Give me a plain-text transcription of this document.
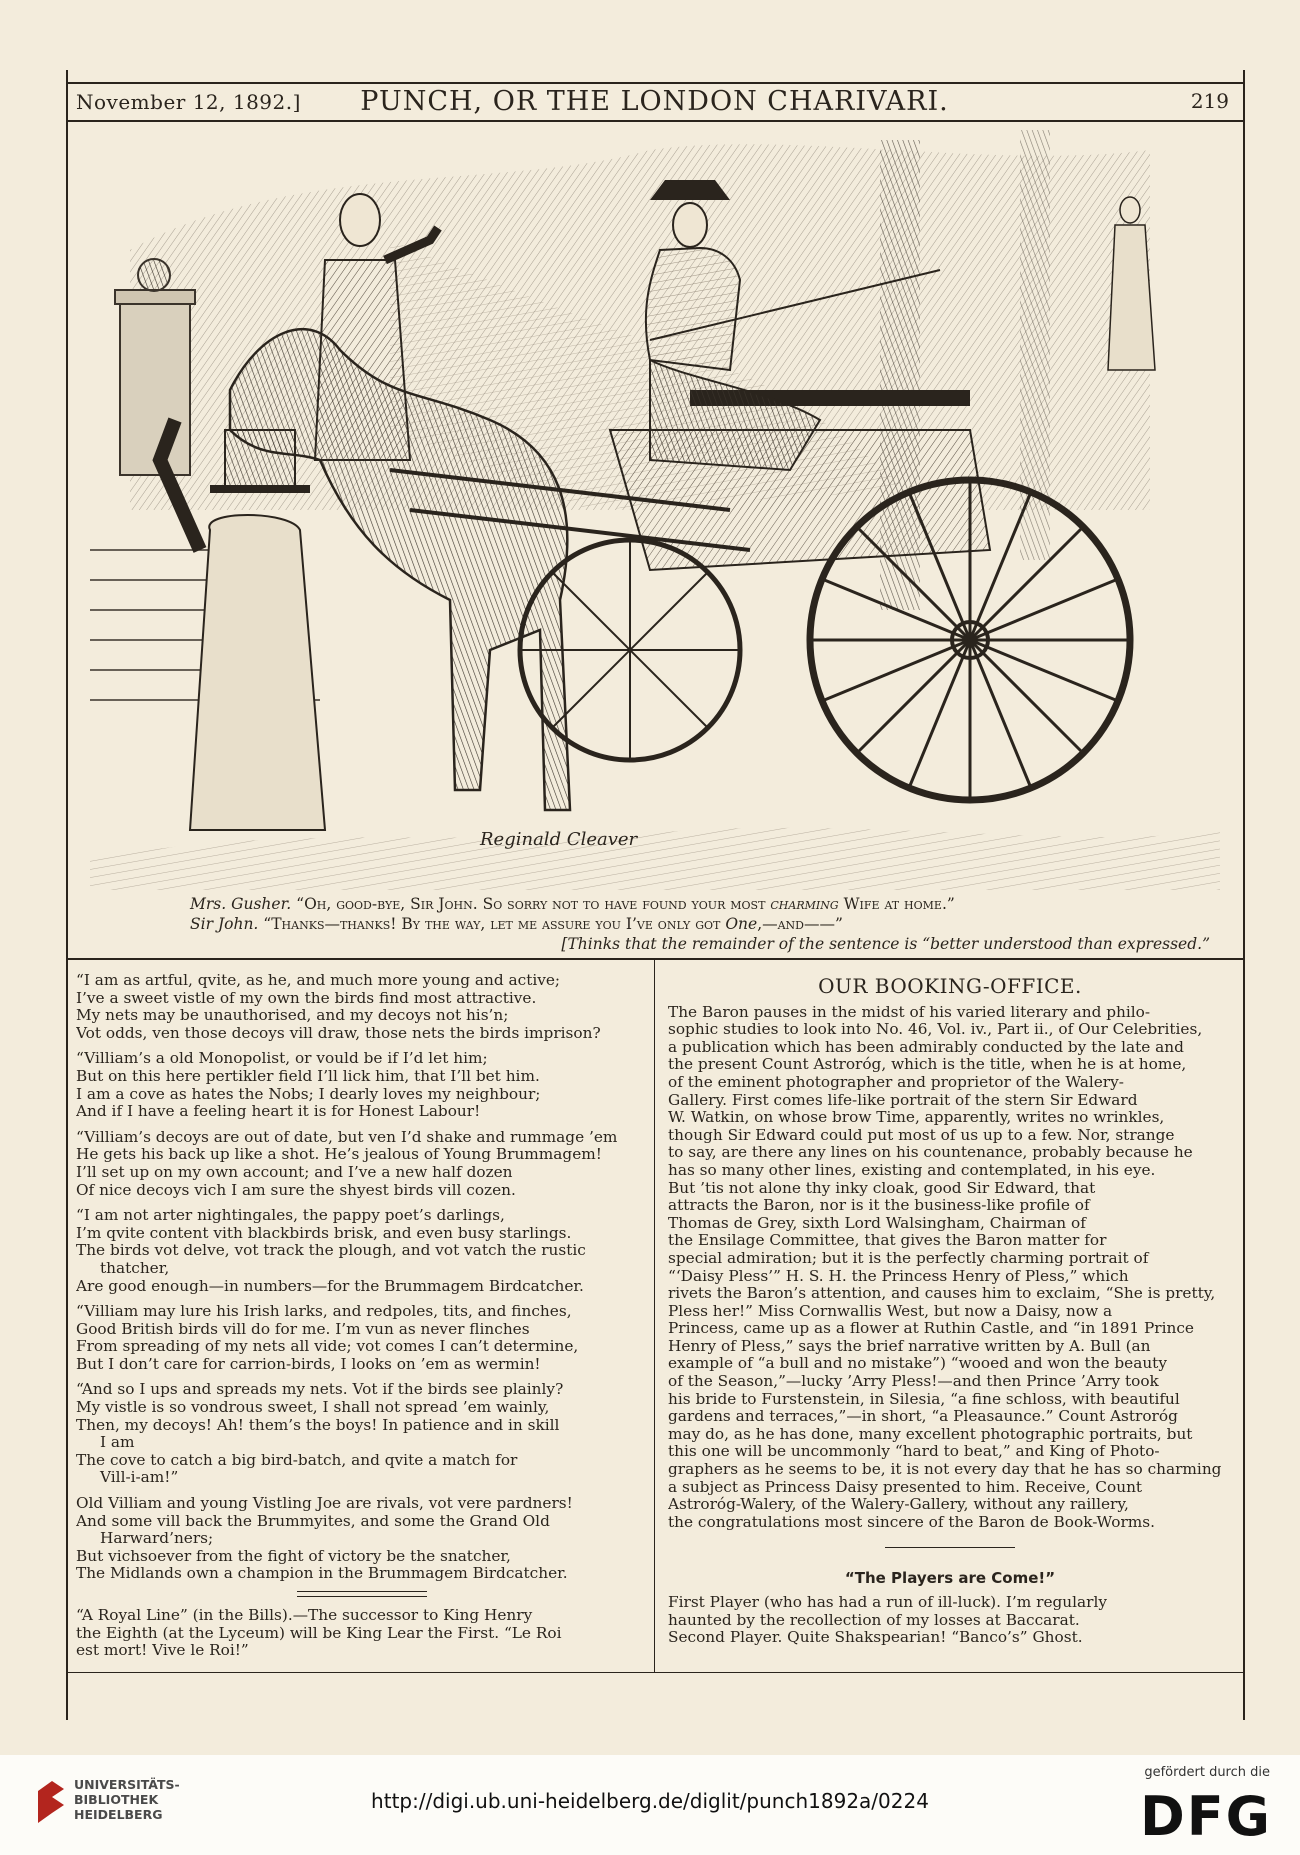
November 12, 1892.]	PUNCH, OR THE LONDON CHARIVARI.	219
Reginald Cleaver
Mrs. Gusher. “Oh, good-bye, Sir John. So sorry not to have found your most charming Wife at home.”
Sir John. “Thanks—thanks! By the way, let me assure you I’ve only got One,—and——”
[Thinks that the remainder of the sentence is “better understood than expressed.”
“I am as artful, qvite, as he, and much more young and active;
I’ve a sweet vistle of my own the birds find most attractive.
My nets may be unauthorised, and my decoys not his’n;
Vot odds, ven those decoys vill draw, those nets the birds imprison?
“Villiam’s a old Monopolist, or vould be if I’d let him;
But on this here pertikler field I’ll lick him, that I’ll bet him.
I am a cove as hates the Nobs; I dearly loves my neighbour;
And if I have a feeling heart it is for Honest Labour!
“Villiam’s decoys are out of date, but ven I’d shake and rummage ’em
He gets his back up like a shot. He’s jealous of Young Brummagem!
I’ll set up on my own account; and I’ve a new half dozen
Of nice decoys vich I am sure the shyest birds vill cozen.
“I am not arter nightingales, the pappy poet’s darlings,
I’m qvite content vith blackbirds brisk, and even busy starlings.
The birds vot delve, vot track the plough, and vot vatch the rustic
thatcher,
Are good enough—in numbers—for the Brummagem Birdcatcher.
“Villiam may lure his Irish larks, and redpoles, tits, and finches,
Good British birds vill do for me. I’m vun as never flinches
From spreading of my nets all vide; vot comes I can’t determine,
But I don’t care for carrion-birds, I looks on ’em as wermin!
“And so I ups and spreads my nets. Vot if the birds see plainly?
My vistle is so vondrous sweet, I shall not spread ’em wainly,
Then, my decoys! Ah! them’s the boys! In patience and in skill
I am
The cove to catch a big bird-batch, and qvite a match for
Vill-i-am!”
Old Villiam and young Vistling Joe are rivals, vot vere pardners!
And some vill back the Brummyites, and some the Grand Old
Harward’ners;
But vichsoever from the fight of victory be the snatcher,
The Midlands own a champion in the Brummagem Birdcatcher.
“A Royal Line” (in the Bills).—The successor to King Henry
the Eighth (at the Lyceum) will be King Lear the First. “Le Roi
est mort! Vive le Roi!”
OUR BOOKING-OFFICE.
The Baron pauses in the midst of his varied literary and philo-
sophic studies to look into No. 46, Vol. iv., Part ii., of Our Celebrities,
a publication which has been admirably conducted by the late and
the present Count Astroróg, which is the title, when he is at home,
of the eminent photographer and proprietor of the Walery-
Gallery. First comes life-like portrait of the stern Sir Edward
W. Watkin, on whose brow Time, apparently, writes no wrinkles,
though Sir Edward could put most of us up to a few. Nor, strange
to say, are there any lines on his countenance, probably because he
has so many other lines, existing and contemplated, in his eye.
But ’tis not alone thy inky cloak, good Sir Edward, that
attracts the Baron, nor is it the business-like profile of
Thomas de Grey, sixth Lord Walsingham, Chairman of
the Ensilage Committee, that gives the Baron matter for
special admiration; but it is the perfectly charming portrait of
“‘Daisy Pless’” H. S. H. the Princess Henry of Pless,” which
rivets the Baron’s attention, and causes him to exclaim, “She is pretty,
Pless her!” Miss Cornwallis West, but now a Daisy, now a
Princess, came up as a flower at Ruthin Castle, and “in 1891 Prince
Henry of Pless,” says the brief narrative written by A. Bull (an
example of “a bull and no mistake”) “wooed and won the beauty
of the Season,”—lucky ’Arry Pless!—and then Prince ’Arry took
his bride to Furstenstein, in Silesia, “a fine schloss, with beautiful
gardens and terraces,”—in short, “a Pleasaunce.” Count Astroróg
may do, as he has done, many excellent photographic portraits, but
this one will be uncommonly “hard to beat,” and King of Photo-
graphers as he seems to be, it is not every day that he has so charming
a subject as Princess Daisy presented to him. Receive, Count
Astroróg-Walery, of the Walery-Gallery, without any raillery,
the congratulations most sincere of the Baron de Book-Worms.
“The Players are Come!”
First Player (who has had a run of ill-luck). I’m regularly
haunted by the recollection of my losses at Baccarat.
Second Player. Quite Shakspearian! “Banco’s” Ghost.
UNIVERSITÄTS-
BIBLIOTHEK
HEIDELBERG
http://digi.ub.uni-heidelberg.de/diglit/punch1892a/0224
gefördert durch die
DFG
